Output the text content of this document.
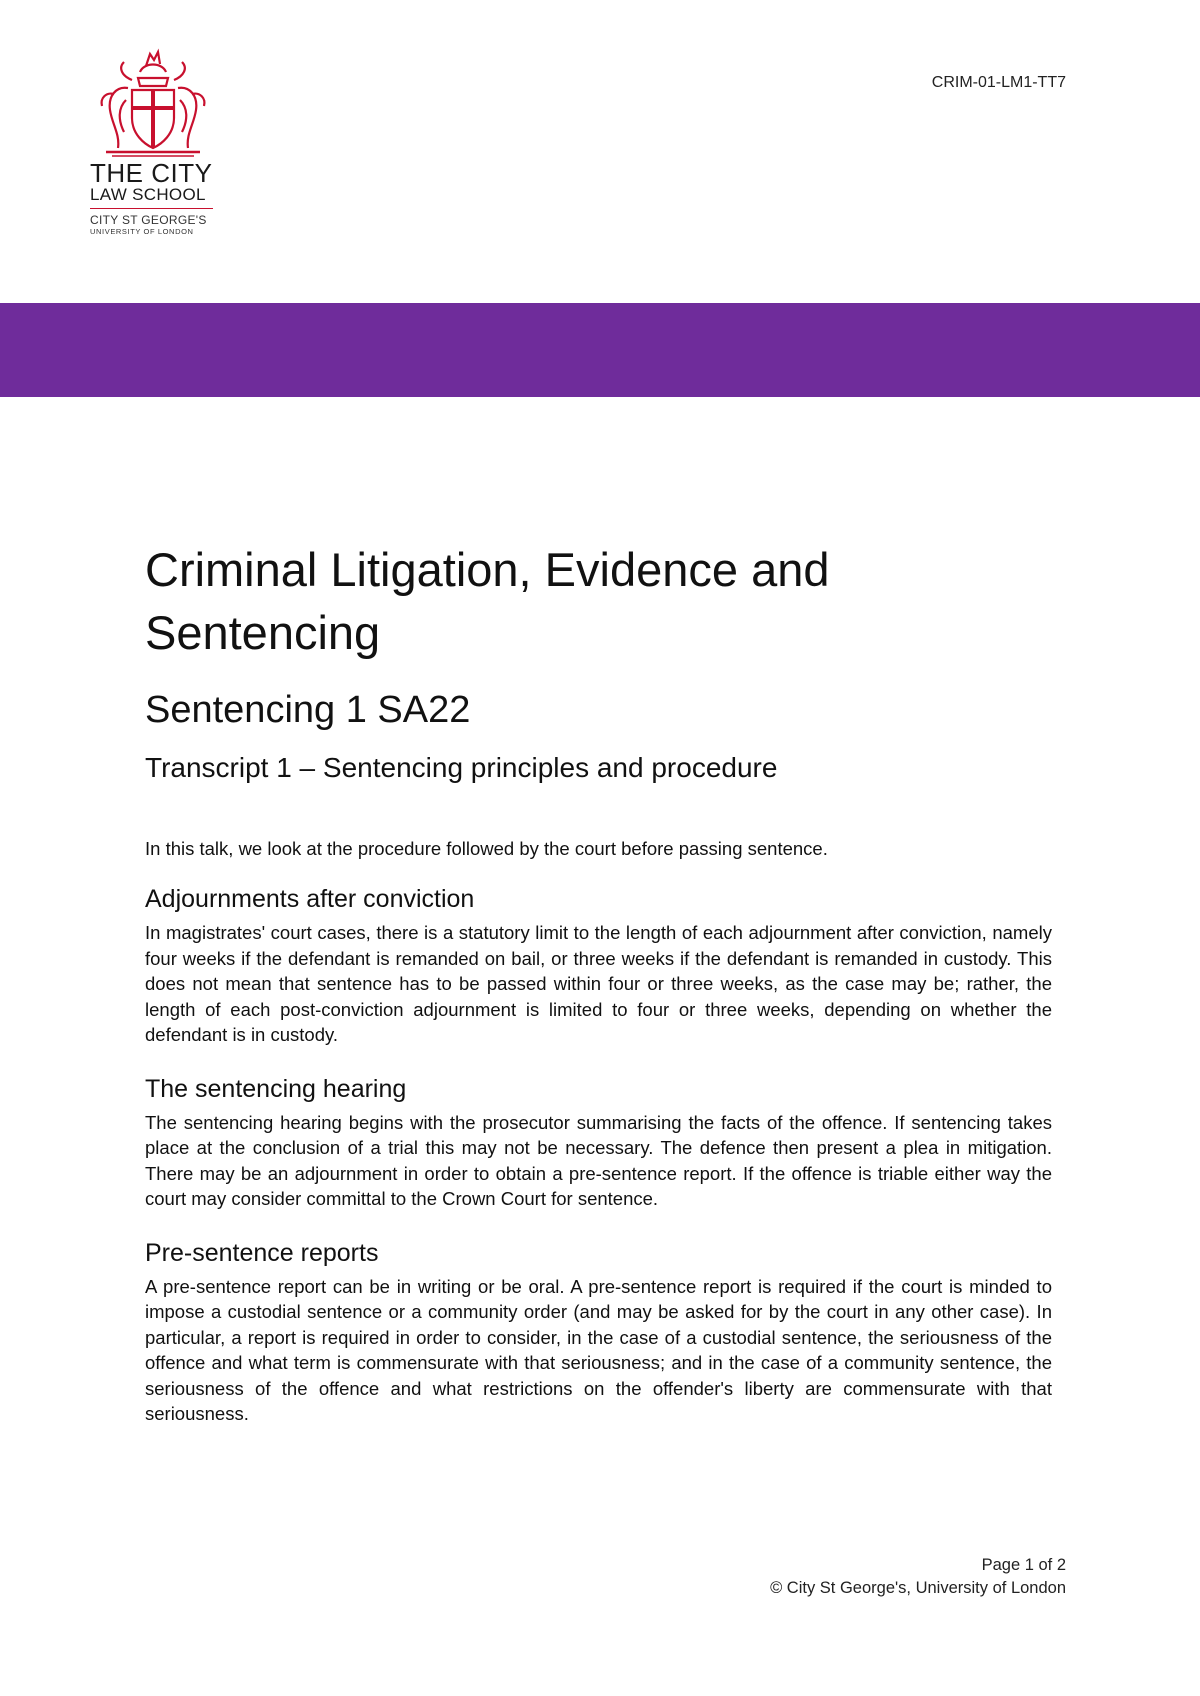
THE CITY
LAW SCHOOL
CITY ST GEORGE'S
UNIVERSITY OF LONDON
CRIM-01-LM1-TT7
Criminal Litigation, Evidence and Sentencing
Sentencing 1 SA22
Transcript 1 – Sentencing principles and procedure

In this talk, we look at the procedure followed by the court before passing sentence.

Adjournments after conviction

In magistrates' court cases, there is a statutory limit to the length of each adjournment after conviction, namely four weeks if the defendant is remanded on bail, or three weeks if the defendant is remanded in custody. This does not mean that sentence has to be passed within four or three weeks, as the case may be; rather, the length of each post-conviction adjournment is limited to four or three weeks, depending on whether the defendant is in custody.

The sentencing hearing

The sentencing hearing begins with the prosecutor summarising the facts of the offence. If sentencing takes place at the conclusion of a trial this may not be necessary. The defence then present a plea in mitigation. There may be an adjournment in order to obtain a pre-sentence report. If the offence is triable either way the court may consider committal to the Crown Court for sentence.

Pre-sentence reports

A pre-sentence report can be in writing or be oral. A pre-sentence report is required if the court is minded to impose a custodial sentence or a community order (and may be asked for by the court in any other case). In particular, a report is required in order to consider, in the case of a custodial sentence, the seriousness of the offence and what term is commensurate with that seriousness; and in the case of a community sentence, the seriousness of the offence and what restrictions on the offender's liberty are commensurate with that seriousness.

Page 1 of 2
© City St George's, University of London
